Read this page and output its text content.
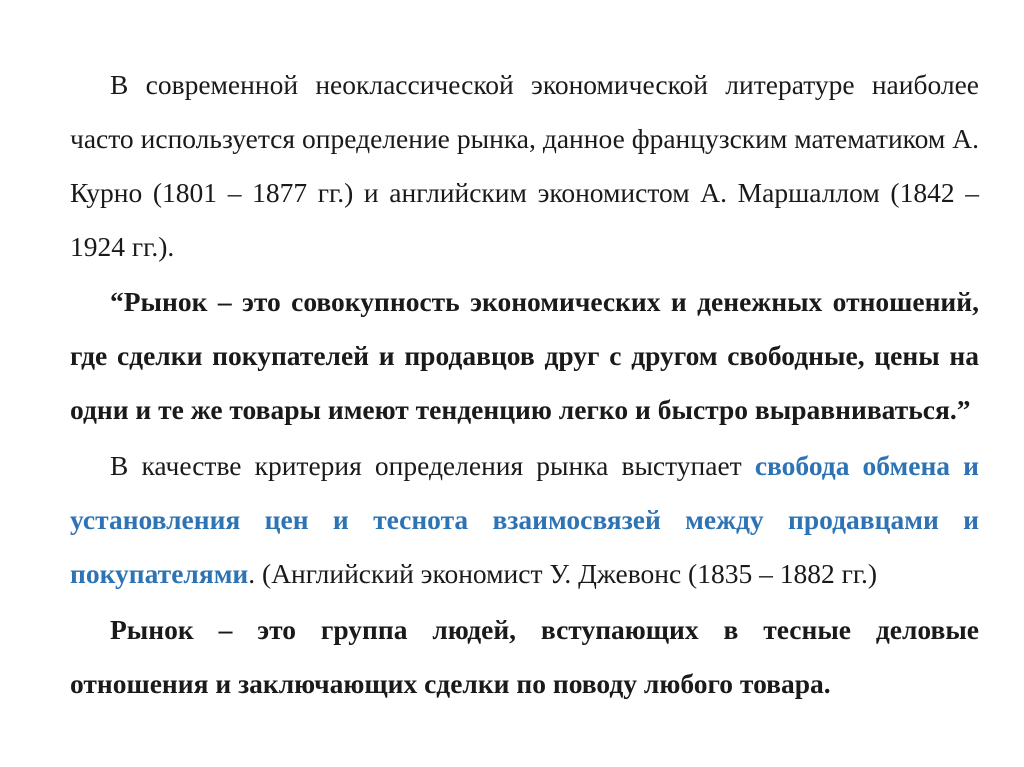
В современной неоклассической экономической литературе наиболее часто используется определение рынка, данное французским математиком А. Курно (1801 – 1877 гг.) и английским экономистом А. Маршаллом (1842 – 1924 гг.).

“Рынок – это совокупность экономических и денежных отношений, где сделки покупателей и продавцов друг с другом свободные, цены на одни и те же товары имеют тенденцию легко и быстро выравниваться.”

В качестве критерия определения рынка выступает свобода обмена и установления цен и теснота взаимосвязей между продавцами и покупателями. (Английский экономист У. Джевонс (1835 – 1882 гг.)

Рынок – это группа людей, вступающих в тесные деловые отношения и заключающих сделки по поводу любого товара.
